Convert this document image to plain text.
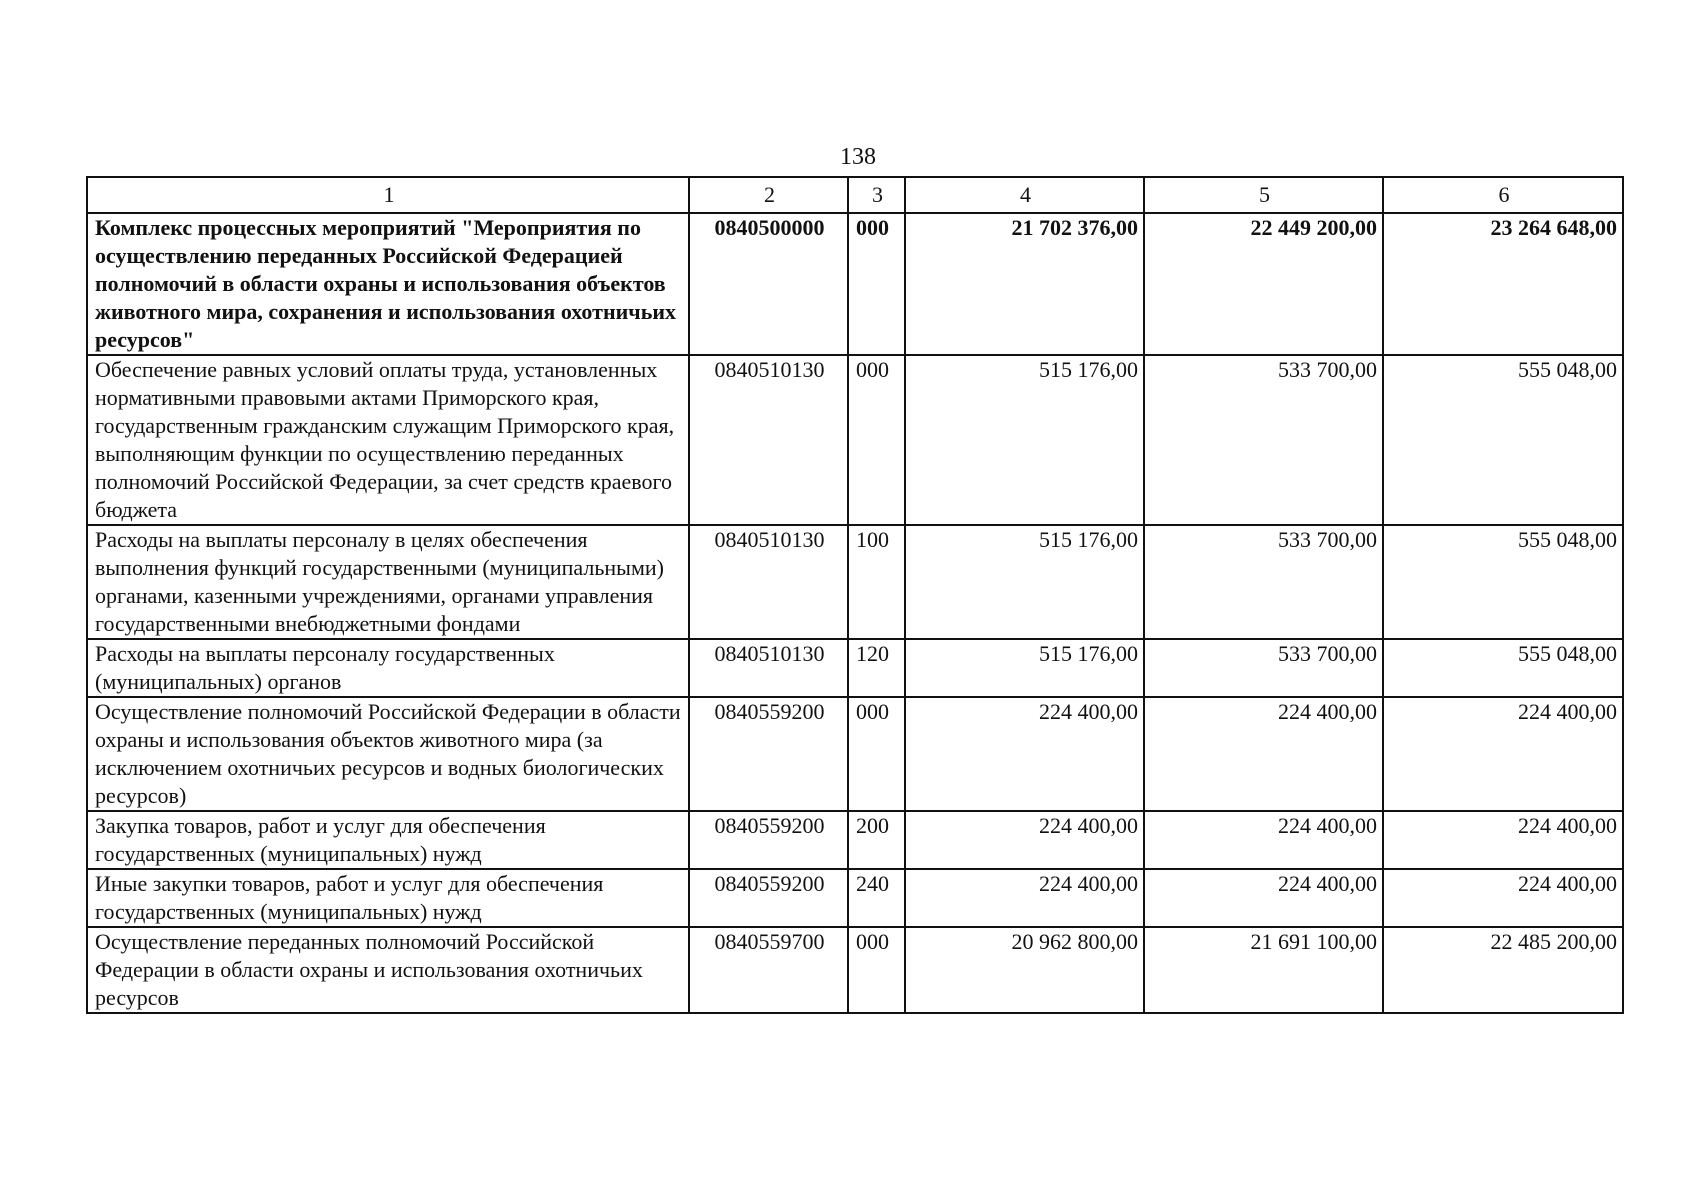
138
1	2	3	4	5	6
Комплекс процессных мероприятий "Мероприятия по осуществлению переданных Российской Федерацией полномочий в области охраны и использования объектов животного мира, сохранения и использования охотничьих ресурсов"	0840500000	000	21 702 376,00	22 449 200,00	23 264 648,00
Обеспечение равных условий оплаты труда, установленных нормативными правовыми актами Приморского края, государственным гражданским служащим Приморского края, выполняющим функции по осуществлению переданных полномочий Российской Федерации, за счет средств краевого бюджета	0840510130	000	515 176,00	533 700,00	555 048,00
Расходы на выплаты персоналу в целях обеспечения выполнения функций государственными (муниципальными) органами, казенными учреждениями, органами управления государственными внебюджетными фондами	0840510130	100	515 176,00	533 700,00	555 048,00
Расходы на выплаты персоналу государственных (муниципальных) органов	0840510130	120	515 176,00	533 700,00	555 048,00
Осуществление полномочий Российской Федерации в области охраны и использования объектов животного мира (за исключением охотничьих ресурсов и водных биологических ресурсов)	0840559200	000	224 400,00	224 400,00	224 400,00
Закупка товаров, работ и услуг для обеспечения государственных (муниципальных) нужд	0840559200	200	224 400,00	224 400,00	224 400,00
Иные закупки товаров, работ и услуг для обеспечения государственных (муниципальных) нужд	0840559200	240	224 400,00	224 400,00	224 400,00
Осуществление переданных полномочий Российской Федерации в области охраны и использования охотничьих ресурсов	0840559700	000	20 962 800,00	21 691 100,00	22 485 200,00
